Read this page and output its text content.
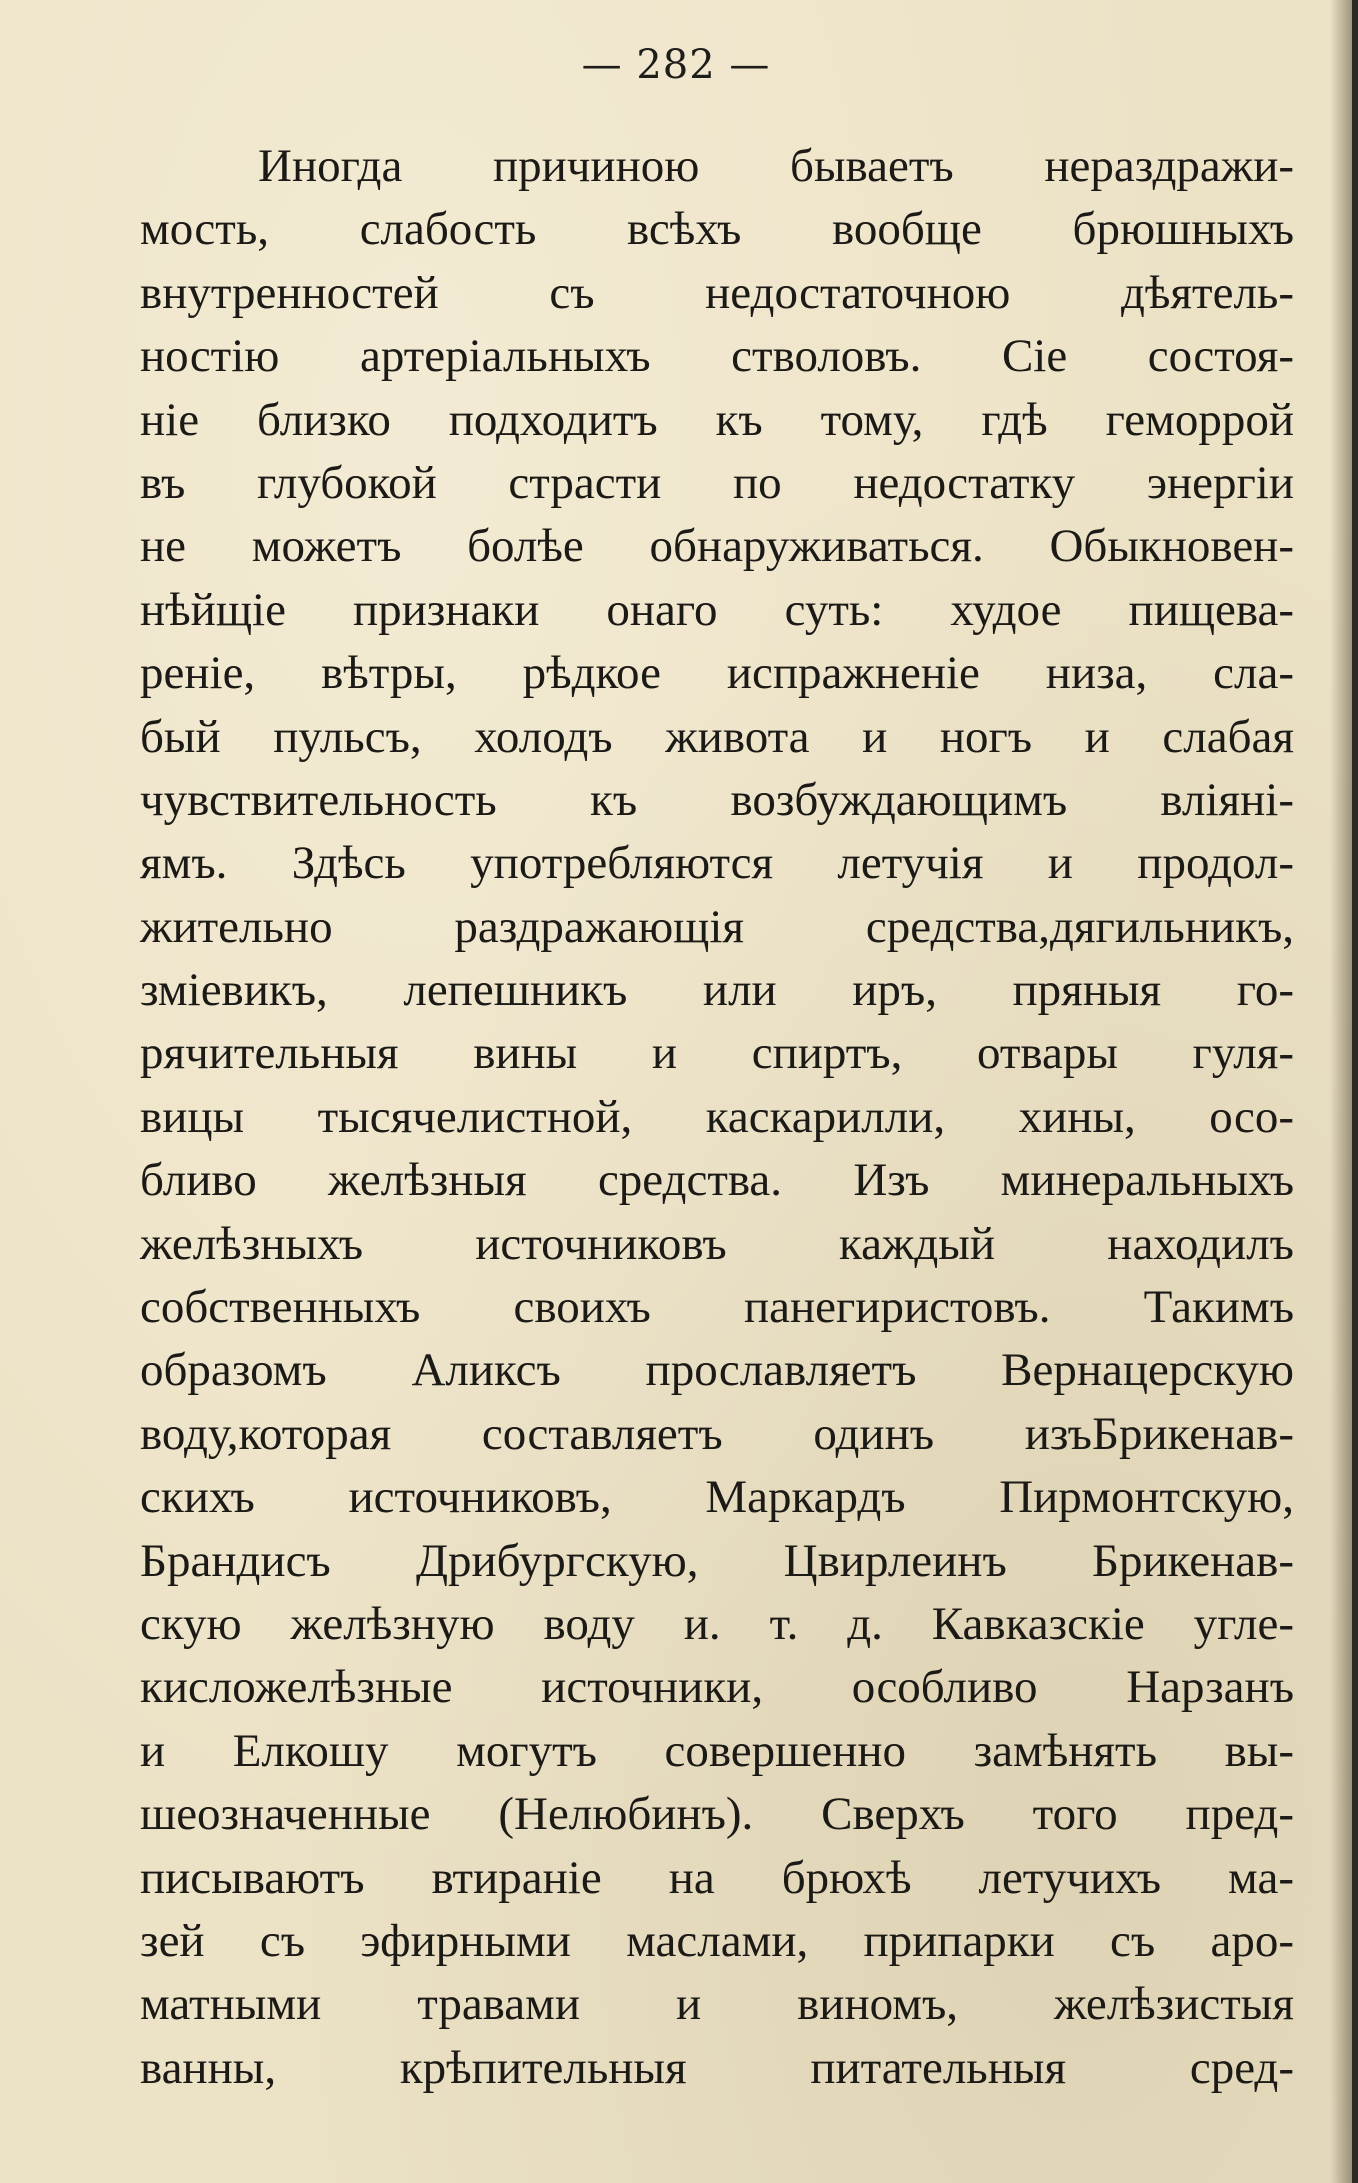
— 282 —
Иногда причиною бываетъ нераздражи-
мость, слабость всѣхъ вообще брюшныхъ
внутренностей съ недостаточною дѣятель-
ностію артеріальныхъ стволовъ. Сіе состоя-
ніе близко подходитъ къ тому, гдѣ геморрой
въ глубокой страсти по недостатку энергіи
не можетъ болѣе обнаруживаться. Обыкновен-
нѣйщіе признаки онаго суть: худое пищева-
реніе, вѣтры, рѣдкое испражненіе низа, сла-
бый пульсъ, холодъ живота и ногъ и слабая
чувствительность къ возбуждающимъ вліяні-
ямъ. Здѣсь употребляются летучія и продол-
жительно раздражающія средства,дягильникъ,
зміевикъ, лепешникъ или иръ, пряныя го-
рячительныя вины и спиртъ, отвары гуля-
вицы тысячелистной, каскарилли, хины, осо-
бливо желѣзныя средства. Изъ минеральныхъ
желѣзныхъ источниковъ каждый находилъ
собственныхъ своихъ панегиристовъ. Такимъ
образомъ Аликсъ прославляетъ Вернацерскую
воду,которая составляетъ одинъ изъБрикенав-
скихъ источниковъ, Маркардъ Пирмонтскую,
Брандисъ Дрибургскую, Цвирлеинъ Брикенав-
скую желѣзную воду и. т. д. Кавказскіе угле-
кисложелѣзные источники, особливо Нарзанъ
и Елкошу могутъ совершенно замѣнять вы-
шеозначенные (Нелюбинъ). Сверхъ того пред-
писываютъ втираніе на брюхѣ летучихъ ма-
зей съ эфирными маслами, припарки съ аро-
матными травами и виномъ, желѣзистыя
ванны, крѣпительныя питательныя сред-
